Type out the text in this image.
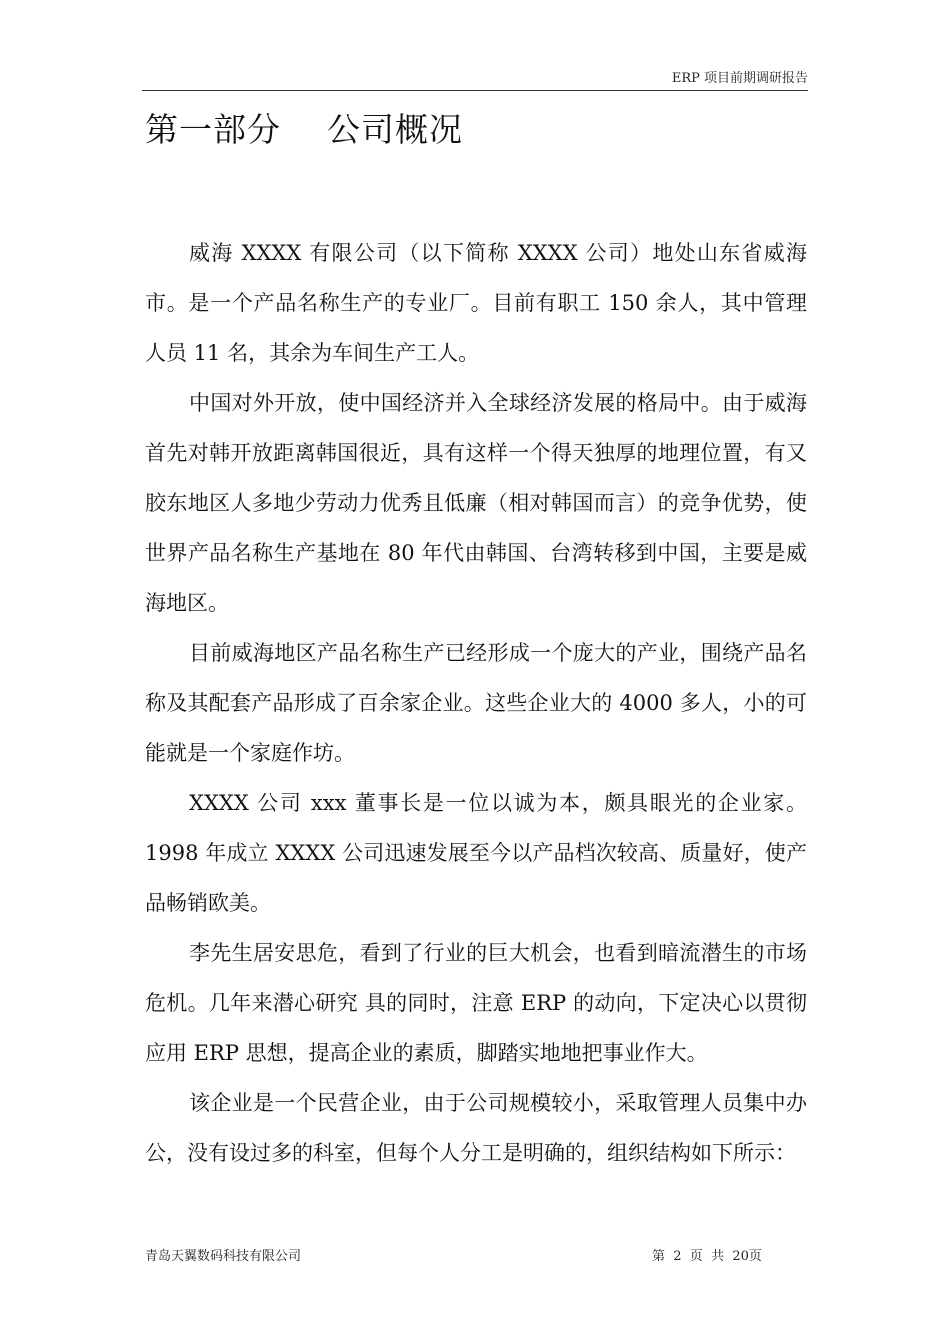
ERP 项目前期调研报告
第一部分    公司概况

威海 XXXX 有限公司（以下简称 XXXX 公司）地处山东省威海市。是一个产品名称生产的专业厂。目前有职工 150 余人，其中管理人员 11 名，其余为车间生产工人。

中国对外开放，使中国经济并入全球经济发展的格局中。由于威海首先对韩开放距离韩国很近，具有这样一个得天独厚的地理位置，有又胶东地区人多地少劳动力优秀且低廉（相对韩国而言）的竞争优势，使世界产品名称生产基地在 80 年代由韩国、台湾转移到中国，主要是威海地区。

目前威海地区产品名称生产已经形成一个庞大的产业，围绕产品名称及其配套产品形成了百余家企业。这些企业大的 4000 多人，小的可能就是一个家庭作坊。

XXXX 公司 xxx 董事长是一位以诚为本，颇具眼光的企业家。1998 年成立 XXXX 公司迅速发展至今以产品档次较高、质量好，使产品畅销欧美。

李先生居安思危，看到了行业的巨大机会，也看到暗流潜生的市场危机。几年来潜心研究 具的同时，注意 ERP 的动向，下定决心以贯彻应用 ERP 思想，提高企业的素质，脚踏实地地把事业作大。

该企业是一个民营企业，由于公司规模较小，采取管理人员集中办公，没有设过多的科室，但每个人分工是明确的，组织结构如下所示：

青岛天翼数码科技有限公司	第  2  页  共  20页
